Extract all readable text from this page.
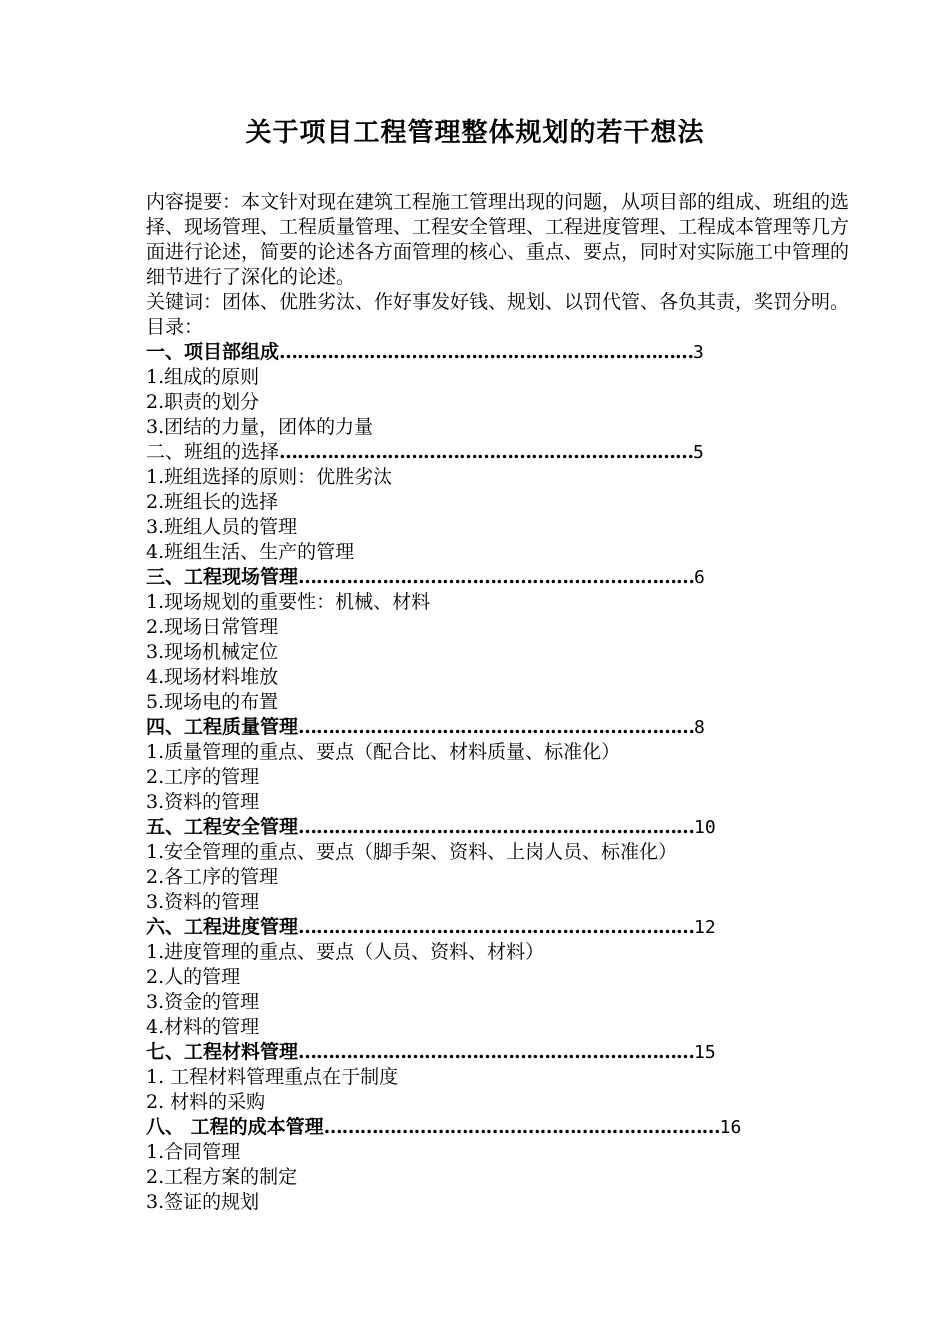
关于项目工程管理整体规划的若干想法

内容提要：本文针对现在建筑工程施工管理出现的问题，从项目部的组成、班组的选择、现场管理、工程质量管理、工程安全管理、工程进度管理、工程成本管理等几方面进行论述，简要的论述各方面管理的核心、重点、要点，同时对实际施工中管理的细节进行了深化的论述。

关键词：团体、优胜劣汰、作好事发好钱、规划、以罚代管、各负其责，奖罚分明。

目录：

一、项目部组成 …………………………………………………………… 3

1.组成的原则

2.职责的划分

3.团结的力量，团体的力量

二、班组的选择 …………………………………………………………… 5

1.班组选择的原则：优胜劣汰

2.班组长的选择

3.班组人员的管理

4.班组生活、生产的管理

三、工程现场管理 ………………………………………………………… 6

1.现场规划的重要性：机械、材料

2.现场日常管理

3.现场机械定位

4.现场材料堆放

5.现场电的布置

四、工程质量管理 ………………………………………………………… 8

1.质量管理的重点、要点（配合比、材料质量、标准化）

2.工序的管理

3.资料的管理

五、工程安全管理 ………………………………………………………… 10

1.安全管理的重点、要点（脚手架、资料、上岗人员、标准化）

2.各工序的管理

3.资料的管理

六、工程进度管理 ………………………………………………………… 12

1.进度管理的重点、要点（人员、资料、材料）

2.人的管理

3.资金的管理

4.材料的管理

七、工程材料管理 ………………………………………………………… 15

1. 工程材料管理重点在于制度

2. 材料的采购

八、 工程的成本管理 ………………………………………………………… 16

1.合同管理

2.工程方案的制定

3.签证的规划
